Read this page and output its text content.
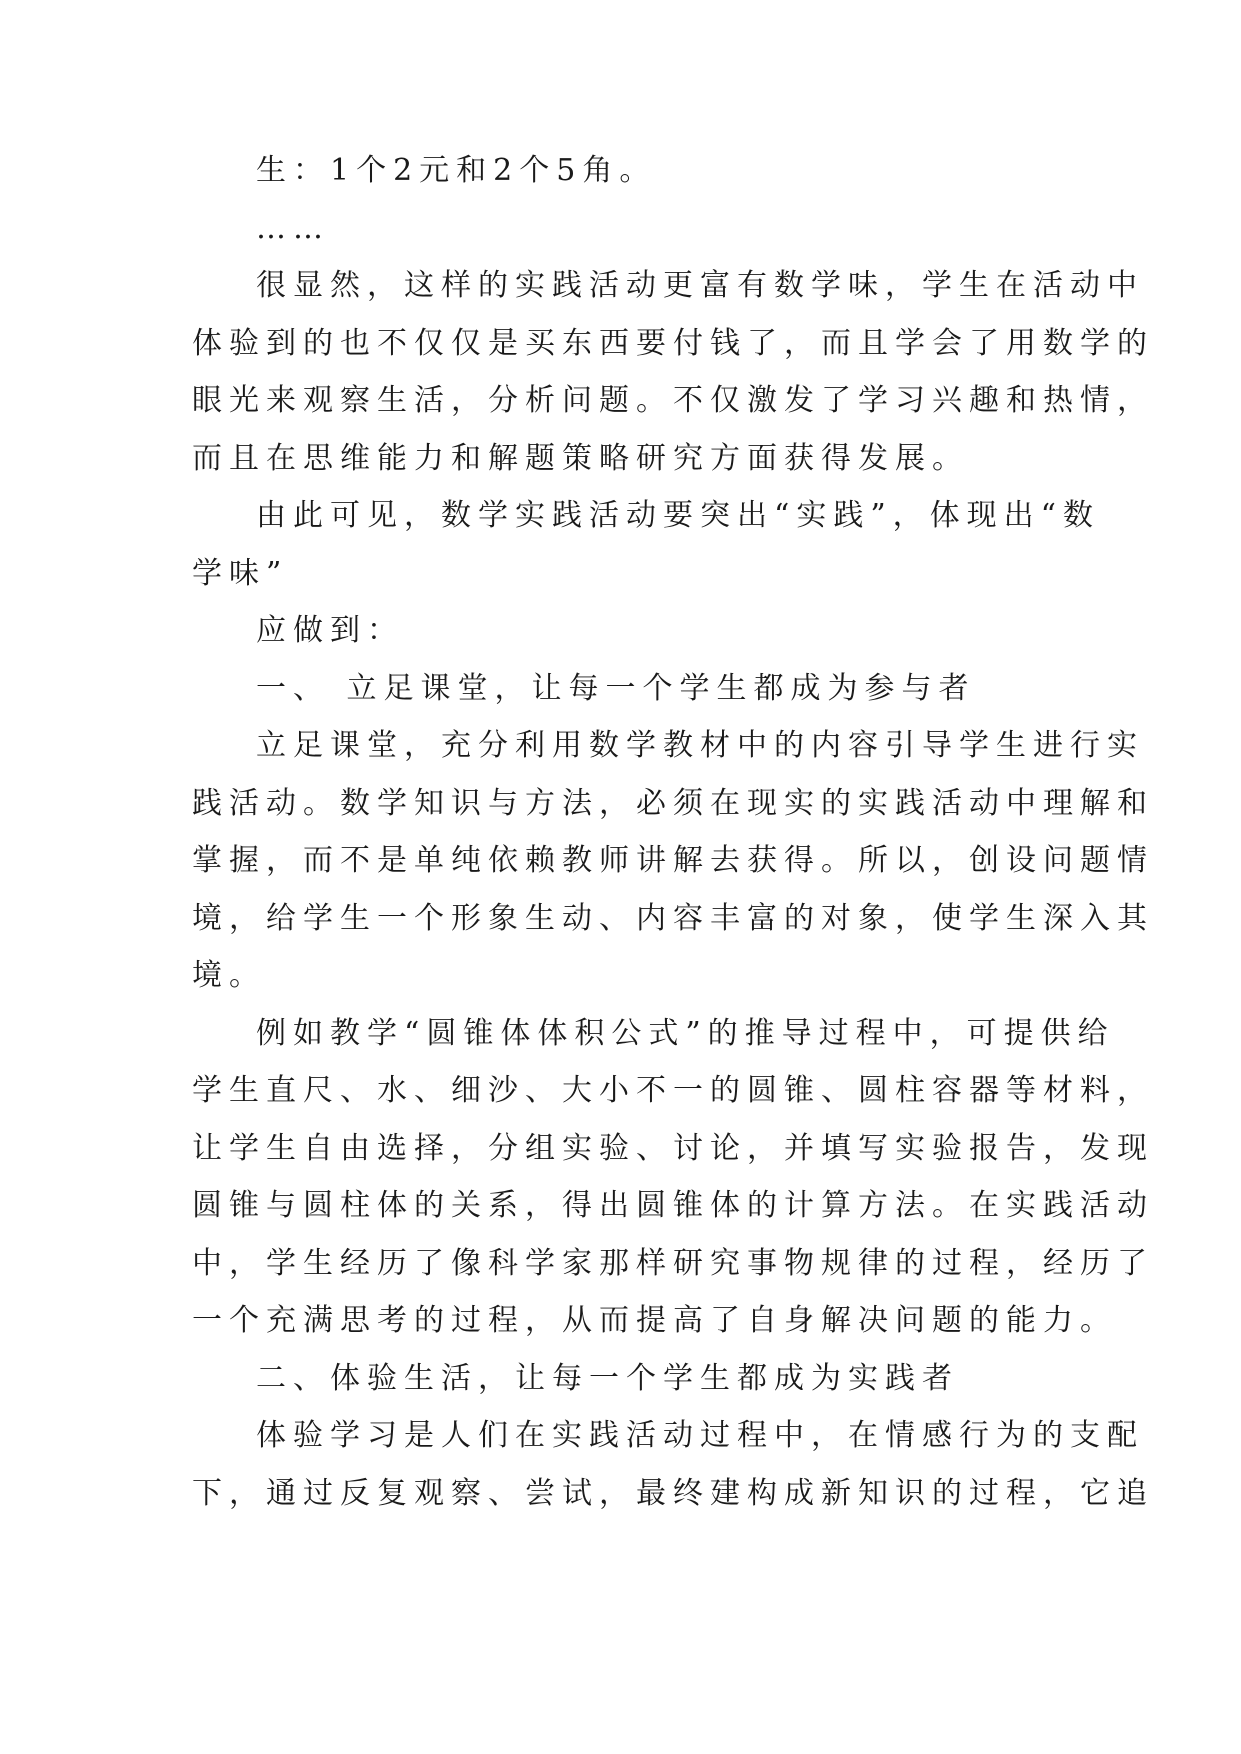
生：1个2元和2个5角。
……
很显然，这样的实践活动更富有数学味，学生在活动中
体验到的也不仅仅是买东西要付钱了，而且学会了用数学的
眼光来观察生活，分析问题。不仅激发了学习兴趣和热情，
而且在思维能力和解题策略研究方面获得发展。
由此可见，数学实践活动要突出“实践”，体现出“数
学味”
应做到：
一、 立足课堂，让每一个学生都成为参与者
立足课堂，充分利用数学教材中的内容引导学生进行实
践活动。数学知识与方法，必须在现实的实践活动中理解和
掌握，而不是单纯依赖教师讲解去获得。所以，创设问题情
境，给学生一个形象生动、内容丰富的对象，使学生深入其
境。
例如教学“圆锥体体积公式”的推导过程中，可提供给
学生直尺、水、细沙、大小不一的圆锥、圆柱容器等材料，
让学生自由选择，分组实验、讨论，并填写实验报告，发现
圆锥与圆柱体的关系，得出圆锥体的计算方法。在实践活动
中，学生经历了像科学家那样研究事物规律的过程，经历了
一个充满思考的过程，从而提高了自身解决问题的能力。
二、体验生活，让每一个学生都成为实践者
体验学习是人们在实践活动过程中，在情感行为的支配
下，通过反复观察、尝试，最终建构成新知识的过程，它追
